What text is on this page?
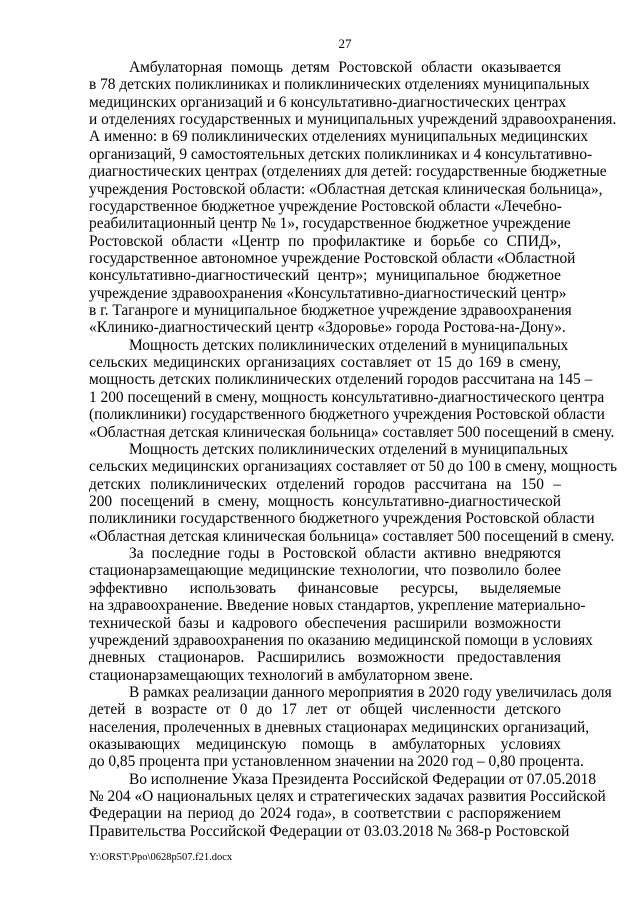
27
Амбулаторная помощь детям Ростовской области оказывается
в 78 детских поликлиниках и поликлинических отделениях муниципальных
медицинских организаций и 6 консультативно-диагностических центрах
и отделениях государственных и муниципальных учреждений здравоохранения.
А именно: в 69 поликлинических отделениях муниципальных медицинских
организаций, 9 самостоятельных детских поликлиниках и 4 консультативно-
диагностических центрах (отделениях для детей: государственные бюджетные
учреждения Ростовской области: «Областная детская клиническая больница»,
государственное бюджетное учреждение Ростовской области «Лечебно-
реабилитационный центр № 1», государственное бюджетное учреждение
Ростовской области «Центр по профилактике и борьбе со СПИД»,
государственное автономное учреждение Ростовской области «Областной
консультативно-диагностический центр»; муниципальное бюджетное
учреждение здравоохранения «Консультативно-диагностический центр»
в г. Таганроге и муниципальное бюджетное учреждение здравоохранения
«Клинико-диагностический центр «Здоровье» города Ростова-на-Дону».
Мощность детских поликлинических отделений в муниципальных
сельских медицинских организациях составляет от 15 до 169 в смену,
мощность детских поликлинических отделений городов рассчитана на 145 –
1 200 посещений в смену, мощность консультативно-диагностического центра
(поликлиники) государственного бюджетного учреждения Ростовской области
«Областная детская клиническая больница» составляет 500 посещений в смену.
Мощность детских поликлинических отделений в муниципальных
сельских медицинских организациях составляет от 50 до 100 в смену, мощность
детских поликлинических отделений городов рассчитана на 150 –
200 посещений в смену, мощность консультативно-диагностической
поликлиники государственного бюджетного учреждения Ростовской области
«Областная детская клиническая больница» составляет 500 посещений в смену.
За последние годы в Ростовской области активно внедряются
стационарзамещающие медицинские технологии, что позволило более
эффективно использовать финансовые ресурсы, выделяемые
на здравоохранение. Введение новых стандартов, укрепление материально-
технической базы и кадрового обеспечения расширили возможности
учреждений здравоохранения по оказанию медицинской помощи в условиях
дневных стационаров. Расширились возможности предоставления
стационарзамещающих технологий в амбулаторном звене.
В рамках реализации данного мероприятия в 2020 году увеличилась доля
детей в возрасте от 0 до 17 лет от общей численности детского
населения, пролеченных в дневных стационарах медицинских организаций,
оказывающих медицинскую помощь в амбулаторных условиях
до 0,85 процента при установленном значении на 2020 год – 0,80 процента.
Во исполнение Указа Президента Российской Федерации от 07.05.2018
№ 204 «О национальных целях и стратегических задачах развития Российской
Федерации на период до 2024 года», в соответствии с распоряжением
Правительства Российской Федерации от 03.03.2018 № 368-р Ростовской
Y:\ORST\Ppo\0628p507.f21.docx
